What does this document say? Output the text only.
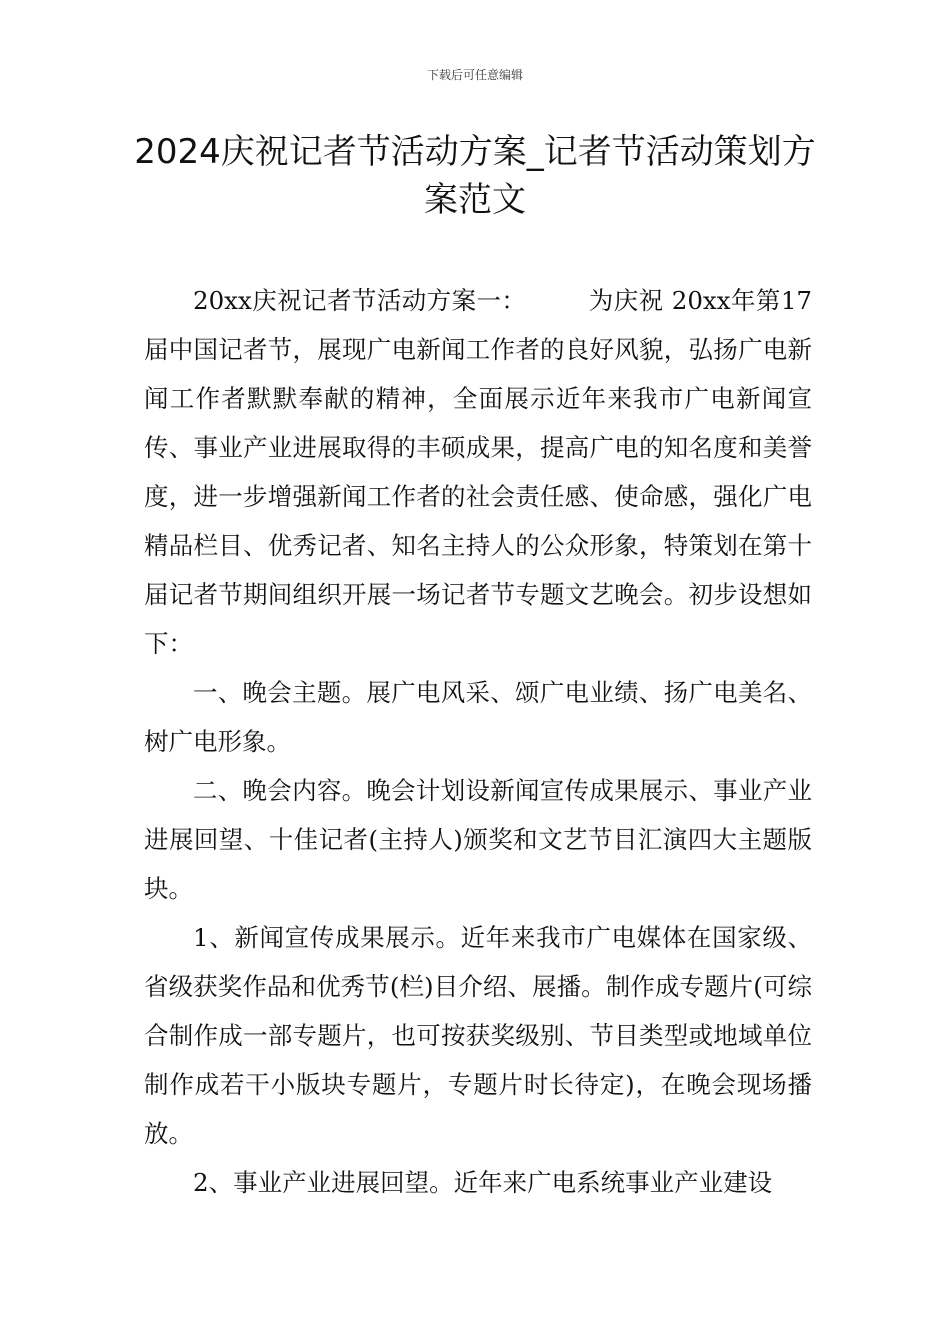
下载后可任意编辑
2024庆祝记者节活动方案_记者节活动策划方案范文

20xx庆祝记者节活动方案一：	为庆祝 20xx年第17届中国记者节，展现广电新闻工作者的良好风貌，弘扬广电新闻工作者默默奉献的精神，全面展示近年来我市广电新闻宣传、事业产业进展取得的丰硕成果，提高广电的知名度和美誉度，进一步增强新闻工作者的社会责任感、使命感，强化广电精品栏目、优秀记者、知名主持人的公众形象，特策划在第十届记者节期间组织开展一场记者节专题文艺晚会。初步设想如下：

一、晚会主题。展广电风采、颂广电业绩、扬广电美名、树广电形象。

二、晚会内容。晚会计划设新闻宣传成果展示、事业产业进展回望、十佳记者(主持人)颁奖和文艺节目汇演四大主题版块。

1、新闻宣传成果展示。近年来我市广电媒体在国家级、省级获奖作品和优秀节(栏)目介绍、展播。制作成专题片(可综合制作成一部专题片，也可按获奖级别、节目类型或地域单位制作成若干小版块专题片，专题片时长待定)，在晚会现场播放。

2、事业产业进展回望。近年来广电系统事业产业建设
